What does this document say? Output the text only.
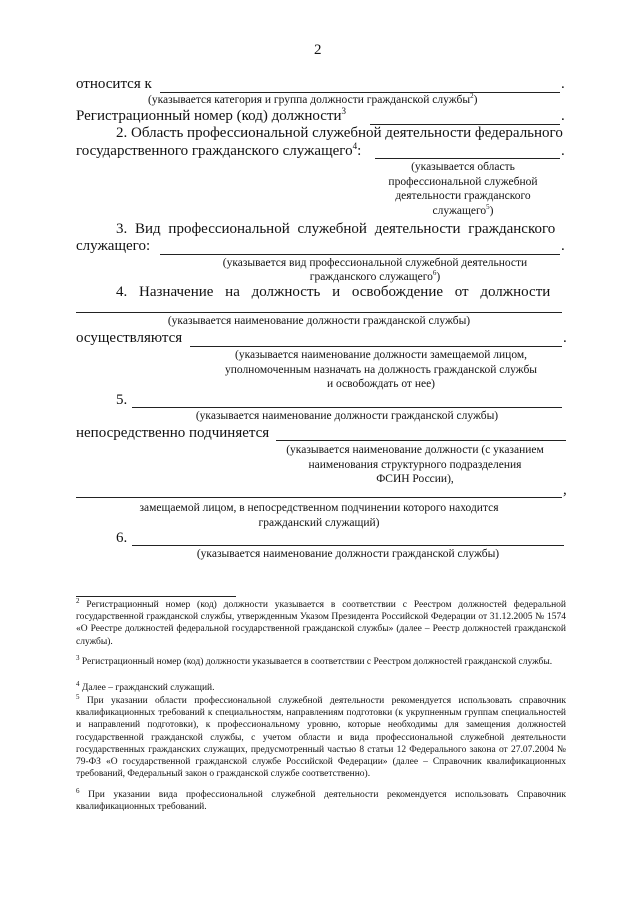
2
относится к	.
(указывается категория и группа должности гражданской службы$^2$)
Регистрационный номер (код) должности$^3$	.
2. Область профессиональной служебной деятельности федерального
государственного гражданского служащего$^4$:	.
(указывается область
профессиональной служебной
деятельности гражданского
служащего$^5$)
3. Вид профессиональной служебной деятельности гражданского
служащего:	.
(указывается вид профессиональной служебной деятельности
гражданского служащего$^6$)
4. Назначение на должность и освобождение от должности
(указывается наименование должности гражданской службы)
осуществляются	.
(указывается наименование должности замещаемой лицом,
уполномоченным назначать на должность гражданской службы
и освобождать от нее)
5.
(указывается наименование должности гражданской службы)
непосредственно подчиняется
(указывается наименование должности (с указанием
наименования структурного подразделения
ФСИН России),
,
замещаемой лицом, в непосредственном подчинении которого находится
гражданский служащий)
6.
(указывается наименование должности гражданской службы)
$^2$ Регистрационный номер (код) должности указывается в соответствии с Реестром должностей федеральной государственной гражданской службы, утвержденным Указом Президента Российской Федерации от 31.12.2005 № 1574 «О Реестре должностей федеральной государственной гражданской службы» (далее – Реестр должностей гражданской службы).
$^3$ Регистрационный номер (код) должности указывается в соответствии с Реестром должностей гражданской службы.
$^4$ Далее – гражданский служащий.
$^5$ При указании области профессиональной служебной деятельности рекомендуется использовать справочник квалификационных требований к специальностям, направлениям подготовки (к укрупненным группам специальностей и направлений подготовки), к профессиональному уровню, которые необходимы для замещения должностей государственной гражданской службы, с учетом области и вида профессиональной служебной деятельности государственных гражданских служащих, предусмотренный частью 8 статьи 12 Федерального закона от 27.07.2004 № 79-ФЗ «О государственной гражданской службе Российской Федерации» (далее – Справочник квалификационных требований, Федеральный закон о гражданской службе соответственно).
$^6$ При указании вида профессиональной служебной деятельности рекомендуется использовать Справочник квалификационных требований.
